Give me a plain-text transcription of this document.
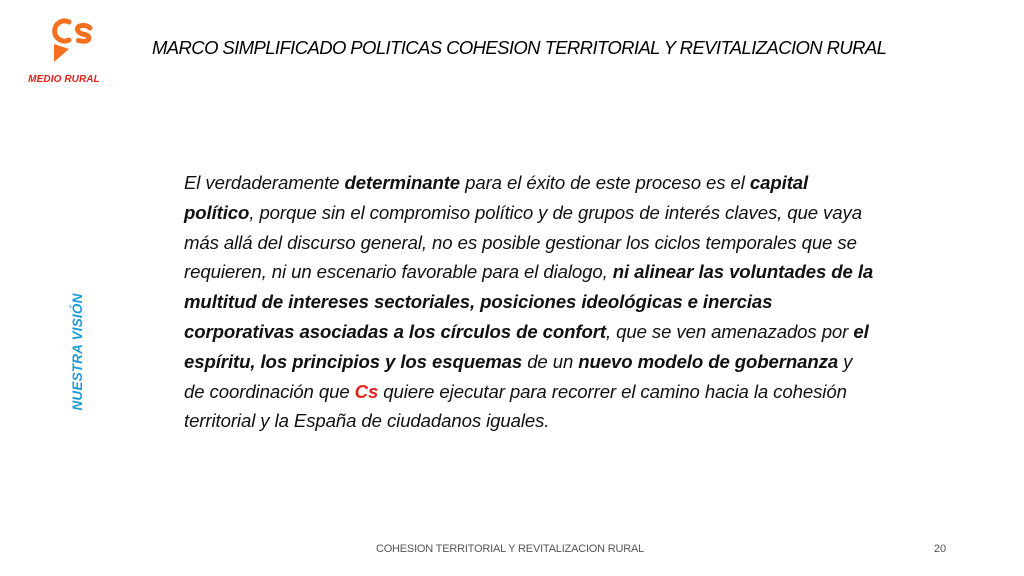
MEDIO RURAL
MARCO SIMPLIFICADO POLITICAS COHESION TERRITORIAL Y REVITALIZACION RURAL
NUESTRA VISIÓN
El verdaderamente determinante para el éxito de este proceso es el capital político, porque sin el compromiso político y de grupos de interés claves, que vaya más allá del discurso general, no es posible gestionar los ciclos temporales que se requieren, ni un escenario favorable para el dialogo, ni alinear las voluntades de la multitud de intereses sectoriales, posiciones ideológicas e inercias corporativas asociadas a los círculos de confort, que se ven amenazados por el espíritu, los principios y los esquemas de un nuevo modelo de gobernanza y de coordinación que Cs quiere ejecutar para recorrer el camino hacia la cohesión territorial y la España de ciudadanos iguales.
COHESION TERRITORIAL Y REVITALIZACION RURAL	20
